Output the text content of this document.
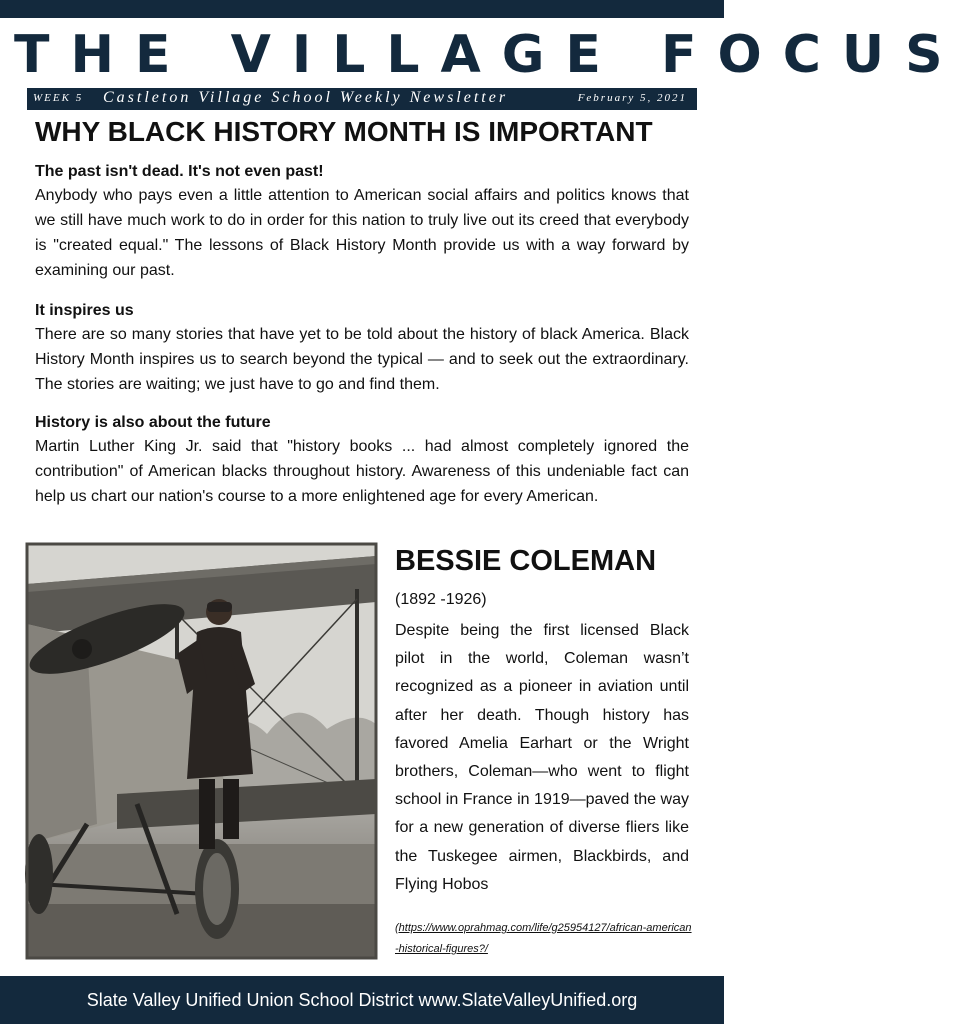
THE VILLAGE FOCUS
WEEK 5 Castleton Village School Weekly Newsletter	February 5, 2021
WHY BLACK HISTORY MONTH IS IMPORTANT
The past isn't dead. It's not even past!

Anybody who pays even a little attention to American social affairs and politics knows that we still have much work to do in order for this nation to truly live out its creed that everybody is "created equal." The lessons of Black History Month provide us with a way forward by examining our past.

It inspires us

There are so many stories that have yet to be told about the history of black America. Black History Month inspires us to search beyond the typical — and to seek out the extraordinary. The stories are waiting; we just have to go and find them.

History is also about the future

Martin Luther King Jr. said that "history books ... had almost completely ignored the contribution" of American blacks throughout history. Awareness of this undeniable fact can help us chart our nation's course to a more enlightened age for every American.

BESSIE COLEMAN
(1892 -1926)

Despite being the first licensed Black pilot in the world, Coleman wasn’t recognized as a pioneer in aviation until after her death. Though history has favored Amelia Earhart or the Wright brothers, Coleman—who went to flight school in France in 1919—paved the way for a new generation of diverse fliers like the Tuskegee airmen, Blackbirds, and Flying Hobos

(https://www.oprahmag.com/life/g25954127/african-american-historical-figures?/

Slate Valley Unified Union School District www.SlateValleyUnified.org
